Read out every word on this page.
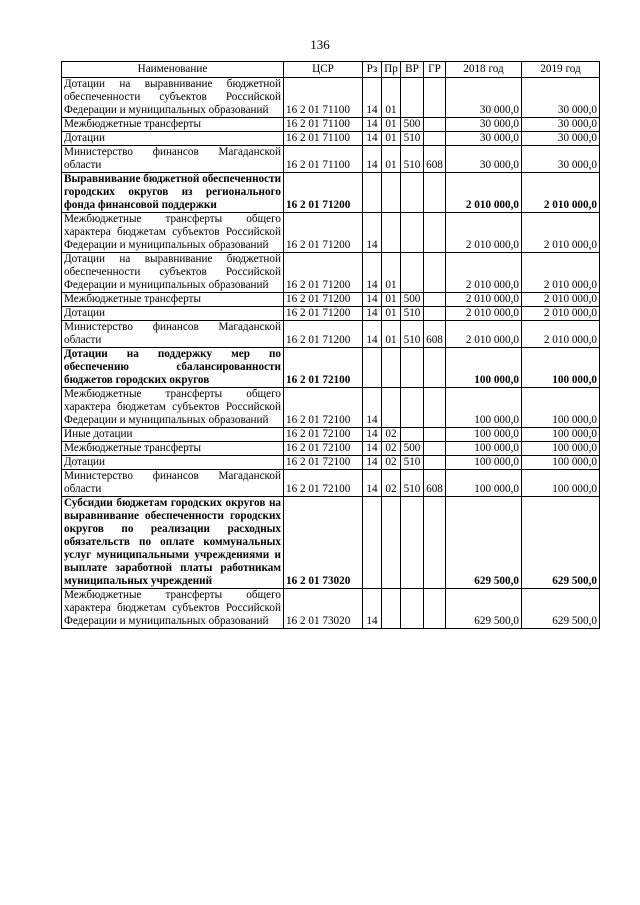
136
Наименование	ЦСР	Рз	Пр	ВР	ГР	2018 год	2019 год
Дотации на выравнивание бюджетной обеспеченности субъектов Российской Федерации и муниципальных образований	16 2 01 71100	14	01			30 000,0	30 000,0
Межбюджетные трансферты	16 2 01 71100	14	01	500		30 000,0	30 000,0
Дотации	16 2 01 71100	14	01	510		30 000,0	30 000,0
Министерство финансов Магаданской области	16 2 01 71100	14	01	510	608	30 000,0	30 000,0
Выравнивание бюджетной обеспеченности городских округов из регионального фонда финансовой поддержки	16 2 01 71200					2 010 000,0	2 010 000,0
Межбюджетные трансферты общего характера бюджетам субъектов Российской Федерации и муниципальных образований	16 2 01 71200	14				2 010 000,0	2 010 000,0
Дотации на выравнивание бюджетной обеспеченности субъектов Российской Федерации и муниципальных образований	16 2 01 71200	14	01			2 010 000,0	2 010 000,0
Межбюджетные трансферты	16 2 01 71200	14	01	500		2 010 000,0	2 010 000,0
Дотации	16 2 01 71200	14	01	510		2 010 000,0	2 010 000,0
Министерство финансов Магаданской области	16 2 01 71200	14	01	510	608	2 010 000,0	2 010 000,0
Дотации на поддержку мер по обеспечению сбалансированности бюджетов городских округов	16 2 01 72100					100 000,0	100 000,0
Межбюджетные трансферты общего характера бюджетам субъектов Российской Федерации и муниципальных образований	16 2 01 72100	14				100 000,0	100 000,0
Иные дотации	16 2 01 72100	14	02			100 000,0	100 000,0
Межбюджетные трансферты	16 2 01 72100	14	02	500		100 000,0	100 000,0
Дотации	16 2 01 72100	14	02	510		100 000,0	100 000,0
Министерство финансов Магаданской области	16 2 01 72100	14	02	510	608	100 000,0	100 000,0
Субсидии бюджетам городских округов на выравнивание обеспеченности городских округов по реализации расходных обязательств по оплате коммунальных услуг муниципальными учреждениями и выплате заработной платы работникам муниципальных учреждений	16 2 01 73020					629 500,0	629 500,0
Межбюджетные трансферты общего характера бюджетам субъектов Российской Федерации и муниципальных образований	16 2 01 73020	14				629 500,0	629 500,0
